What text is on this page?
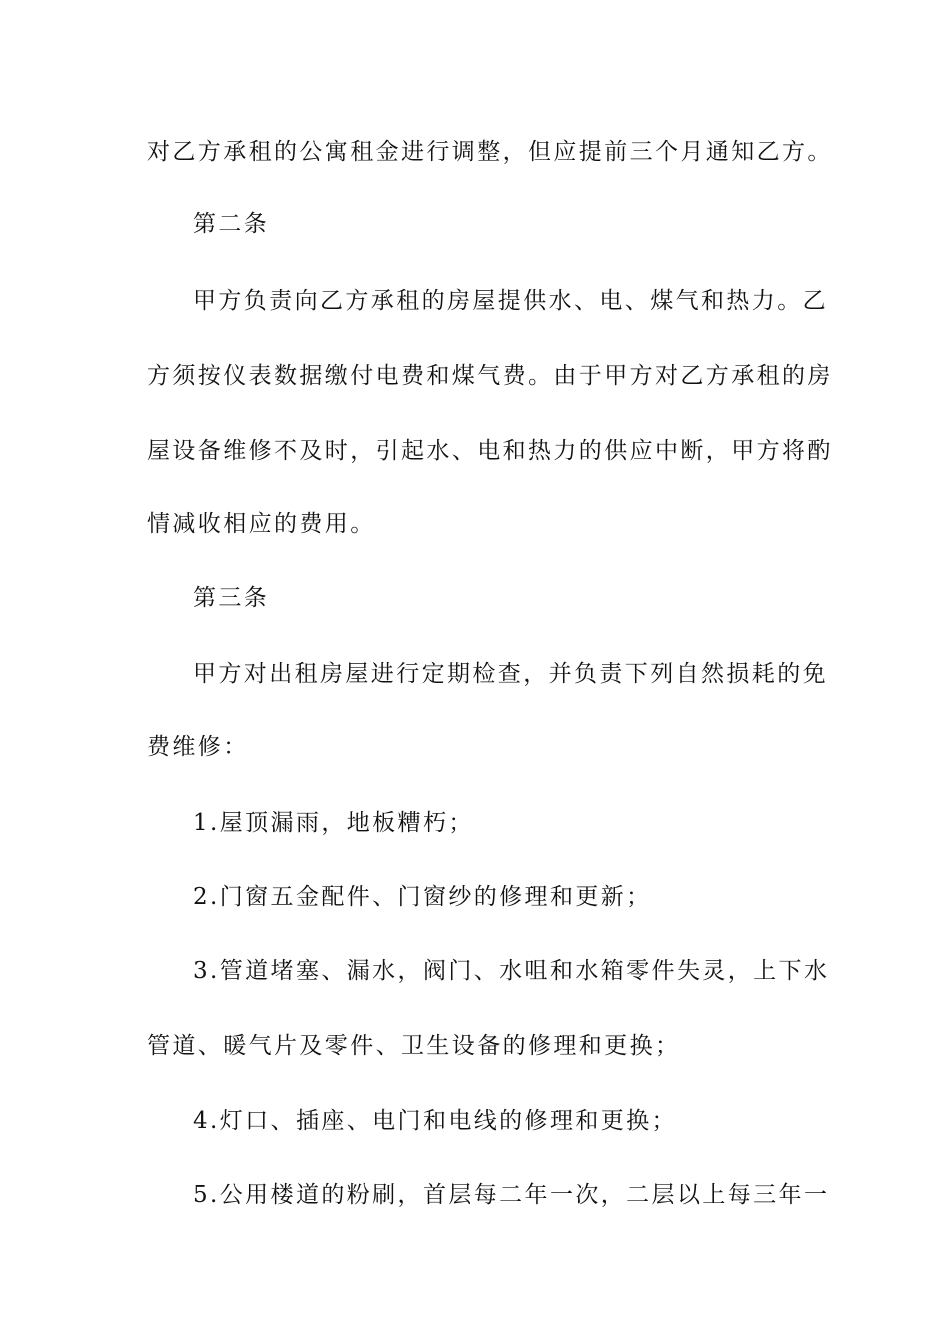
对乙方承租的公寓租金进行调整，但应提前三个月通知乙方。

第二条

甲方负责向乙方承租的房屋提供水、电、煤气和热力。乙

方须按仪表数据缴付电费和煤气费。由于甲方对乙方承租的房

屋设备维修不及时，引起水、电和热力的供应中断，甲方将酌

情减收相应的费用。

第三条

甲方对出租房屋进行定期检查，并负责下列自然损耗的免

费维修：

1.屋顶漏雨，地板糟朽；

2.门窗五金配件、门窗纱的修理和更新；

3.管道堵塞、漏水，阀门、水咀和水箱零件失灵，上下水

管道、暖气片及零件、卫生设备的修理和更换；

4.灯口、插座、电门和电线的修理和更换；

5.公用楼道的粉刷，首层每二年一次，二层以上每三年一
